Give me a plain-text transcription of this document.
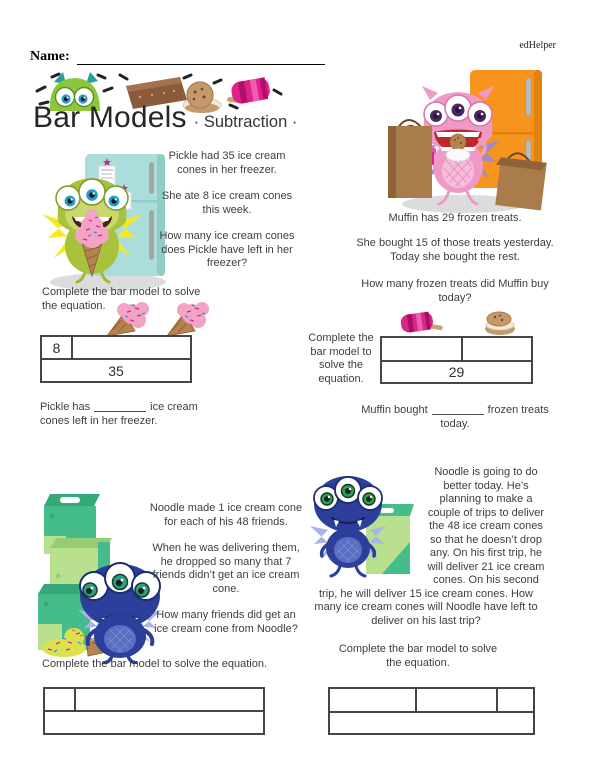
edHelper
Name:
Bar Models · Subtraction ·

Pickle had 35 ice cream cones in her freezer.

She ate 8 ice cream cones this week.

How many ice cream cones does Pickle have left in her freezer?

Complete the bar model to solve the equation.
8
35
Pickle has	ice cream cones left in her freezer.
Muffin has 29 frozen treats.
She bought 15 of those treats yesterday. Today she bought the rest.
How many frozen treats did Muffin buy today?
Complete the bar model to solve the equation.	29
Muffin bought	frozen treats today.

Noodle made 1 ice cream cone for each of his 48 friends.

When he was delivering them, he dropped so many that 7 friends didn’t get an ice cream cone.

How many friends did get an ice cream cone from Noodle?

Complete the bar model to solve the equation.
Noodle is going to do better today. He’s planning to make a couple of trips to deliver the 48 ice cream cones so that he doesn’t drop any. On his first trip, he will deliver 21 ice cream cones. On his second trip, he will deliver 15 ice cream cones. How many ice cream cones will Noodle have left to deliver on his last trip?
Complete the bar model to solve the equation.
